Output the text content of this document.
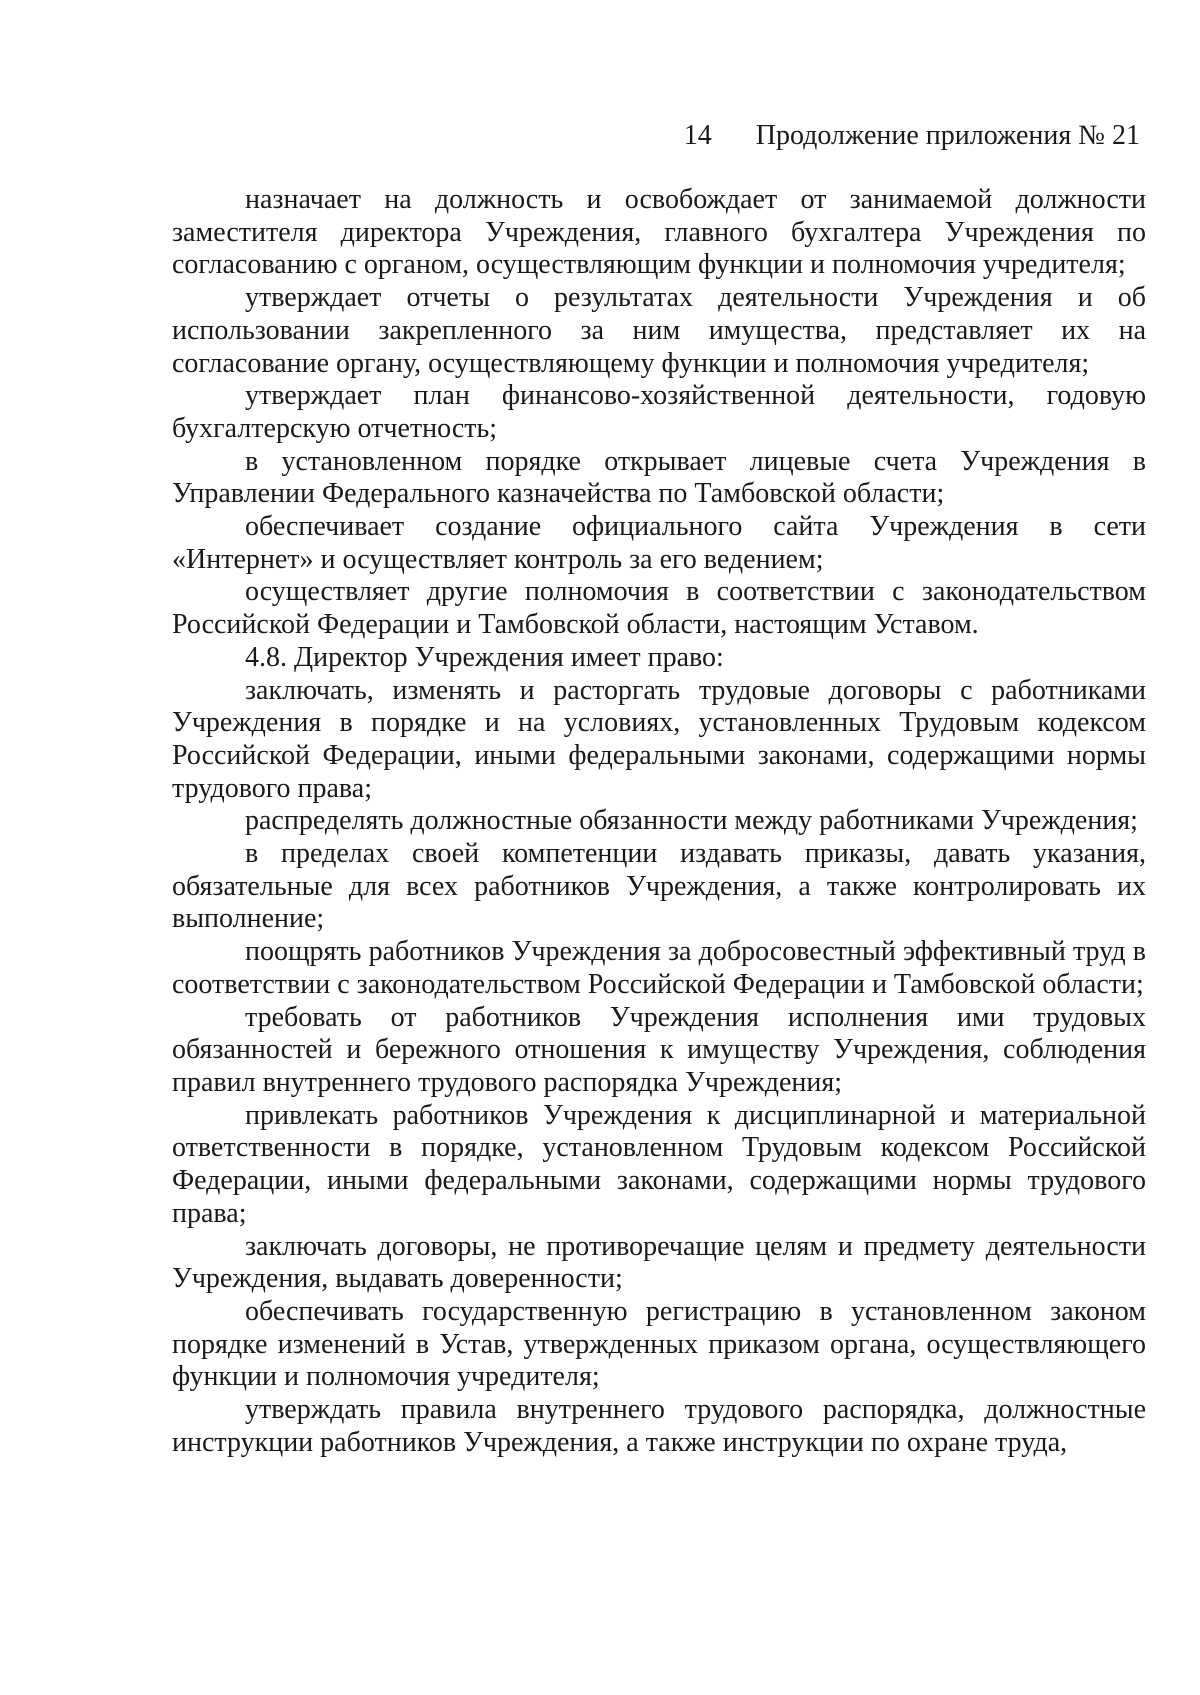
14 Продолжение приложения № 21

назначает на должность и освобождает от занимаемой должности заместителя директора Учреждения, главного бухгалтера Учреждения по согласованию с органом, осуществляющим функции и полномочия учредителя;

утверждает отчеты о результатах деятельности Учреждения и об использовании закрепленного за ним имущества, представляет их на согласование органу, осуществляющему функции и полномочия учредителя;

утверждает план финансово-хозяйственной деятельности, годовую бухгалтерскую отчетность;

в установленном порядке открывает лицевые счета Учреждения в Управлении Федерального казначейства по Тамбовской области;

обеспечивает создание официального сайта Учреждения в сети «Интернет» и осуществляет контроль за его ведением;

осуществляет другие полномочия в соответствии с законодательством Российской Федерации и Тамбовской области, настоящим Уставом.

4.8. Директор Учреждения имеет право:

заключать, изменять и расторгать трудовые договоры с работниками Учреждения в порядке и на условиях, установленных Трудовым кодексом Российской Федерации, иными федеральными законами, содержащими нормы трудового права;

распределять должностные обязанности между работниками Учреждения;

в пределах своей компетенции издавать приказы, давать указания, обязательные для всех работников Учреждения, а также контролировать их выполнение;

поощрять работников Учреждения за добросовестный эффективный труд в соответствии с законодательством Российской Федерации и Тамбовской области;

требовать от работников Учреждения исполнения ими трудовых обязанностей и бережного отношения к имуществу Учреждения, соблюдения правил внутреннего трудового распорядка Учреждения;

привлекать работников Учреждения к дисциплинарной и материальной ответственности в порядке, установленном Трудовым кодексом Российской Федерации, иными федеральными законами, содержащими нормы трудового права;

заключать договоры, не противоречащие целям и предмету деятельности Учреждения, выдавать доверенности;

обеспечивать государственную регистрацию в установленном законом порядке изменений в Устав, утвержденных приказом органа, осуществляющего функции и полномочия учредителя;

утверждать правила внутреннего трудового распорядка, должностные инструкции работников Учреждения, а также инструкции по охране труда,
